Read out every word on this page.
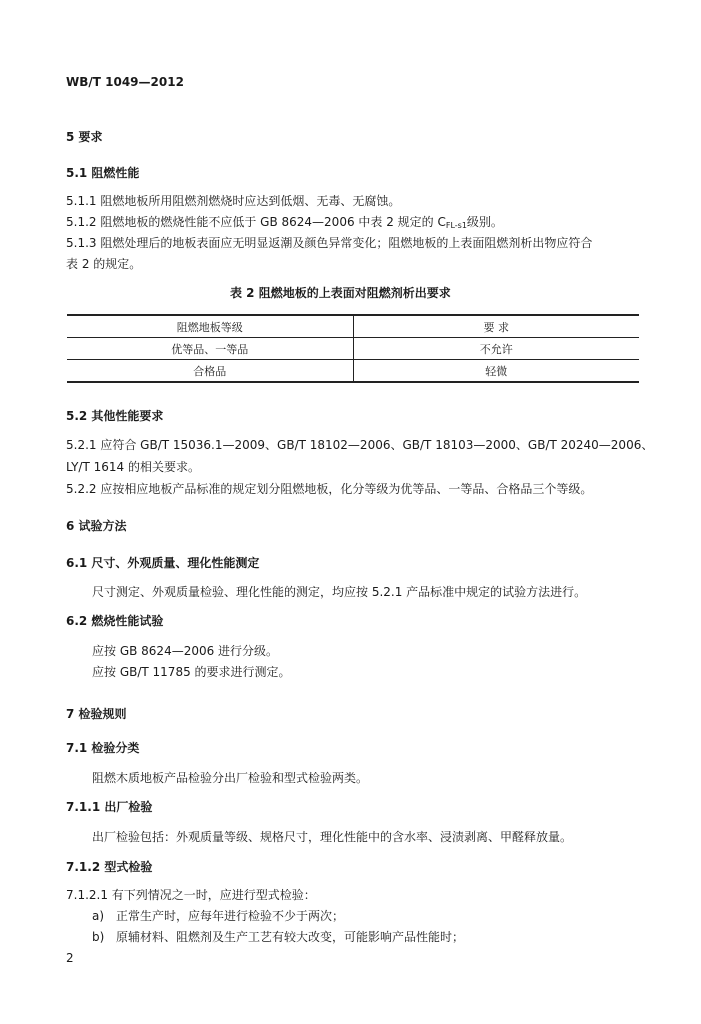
WB/T 1049—2012
5 要求
5.1 阻燃性能
5.1.1 阻燃地板所用阻燃剂燃烧时应达到低烟、无毒、无腐蚀。
5.1.2 阻燃地板的燃烧性能不应低于 GB 8624—2006 中表 2 规定的 $C_{FL-s1}$级别。
5.1.3 阻燃处理后的地板表面应无明显返潮及颜色异常变化；阻燃地板的上表面阻燃剂析出物应符合
表 2 的规定。
表 2 阻燃地板的上表面对阻燃剂析出要求
阻燃地板等级	要 求
优等品、一等品	不允许
合格品	轻微
5.2 其他性能要求
5.2.1 应符合 GB/T 15036.1—2009、GB/T 18102—2006、GB/T 18103—2000、GB/T 20240—2006、
LY/T 1614 的相关要求。
5.2.2 应按相应地板产品标准的规定划分阻燃地板，化分等级为优等品、一等品、合格品三个等级。
6 试验方法
6.1 尺寸、外观质量、理化性能测定
尺寸测定、外观质量检验、理化性能的测定，均应按 5.2.1 产品标准中规定的试验方法进行。
6.2 燃烧性能试验
应按 GB 8624—2006 进行分级。
应按 GB/T 11785 的要求进行测定。
7 检验规则
7.1 检验分类
阻燃木质地板产品检验分出厂检验和型式检验两类。
7.1.1 出厂检验
出厂检验包括：外观质量等级、规格尺寸，理化性能中的含水率、浸渍剥离、甲醛释放量。
7.1.2 型式检验
7.1.2.1 有下列情况之一时，应进行型式检验：
a) 正常生产时，应每年进行检验不少于两次；
b) 原辅材料、阻燃剂及生产工艺有较大改变，可能影响产品性能时；
2
